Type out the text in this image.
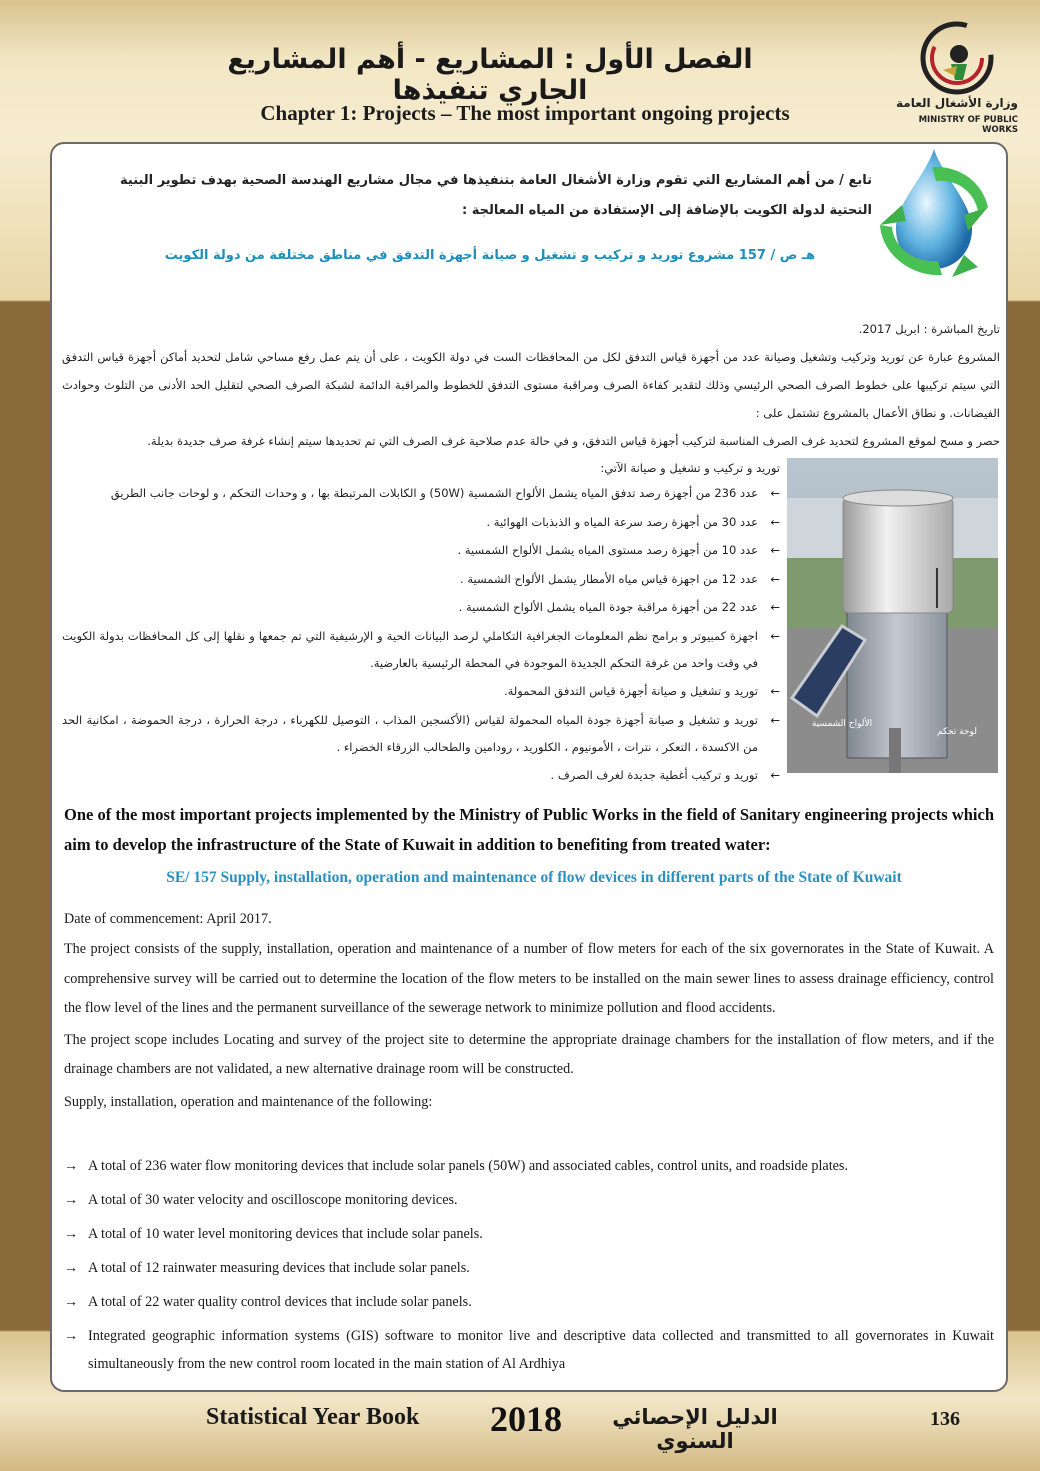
الفصل الأول : المشاريع - أهم المشاريع الجاري تنفيذها
Chapter 1: Projects – The most important ongoing projects	وزارة الأشغال العامة
MINISTRY OF PUBLIC WORKS
تابع / من أهم المشاريع التي تقوم وزارة الأشغال العامة بتنفيذها في مجال مشاريع الهندسة الصحية بهدف تطوير البنية التحتية لدولة الكويت بالإضافة إلى الإستفادة من المياه المعالجة :
هـ ص / 157 مشروع توريد و تركيب و تشغيل و صيانة أجهزة التدفق في مناطق مختلفة من دولة الكويت

تاريخ المباشرة : ابريل 2017.

المشروع عبارة عن توريد وتركيب وتشغيل وصيانة عدد من أجهزة قياس التدفق لكل من المحافظات الست في دولة الكويت ، على أن يتم عمل رفع مساحي شامل لتحديد أماكن أجهزة قياس التدفق التي سيتم تركيبها على خطوط الصرف الصحي الرئيسي وذلك لتقدير كفاءة الصرف ومراقبة مستوى التدفق للخطوط والمراقبة الدائمة لشبكة الصرف الصحي لتقليل الحد الأدنى من التلوث وحوادث الفيضانات. و نطاق الأعمال بالمشروع تشتمل على :

حصر و مسح لموقع المشروع لتحديد غرف الصرف المناسبة لتركيب أجهزة قياس التدفق، و في حالة عدم صلاحية غرف الصرف التي تم تحديدها سيتم إنشاء غرفة صرف جديدة بديلة.

توريد و تركيب و تشغيل و صيانة الآتي:

←
عدد 236 من أجهزة رصد تدفق المياه يشمل الألواح الشمسية (50W) و الكابلات المرتبطة بها ، و وحدات التحكم ، و لوحات جانب الطريق
←
عدد 30 من أجهزة رصد سرعة المياه و الذبذبات الهوائية .
←
عدد 10 من أجهزة رصد مستوى المياه يشمل الألواح الشمسية .
←
عدد 12 من اجهزة قياس مياه الأمطار يشمل الألواح الشمسية .
←
عدد 22 من أجهزة مراقبة جودة المياه يشمل الألواح الشمسية .
←
اجهزة كمبيوتر و برامج نظم المعلومات الجغرافية التكاملي لرصد البيانات الحية و الإرشيفية التي تم جمعها و نقلها إلى كل المحافظات بدولة الكويت في وقت واحد من غرفة التحكم الجديدة الموجودة في المحطة الرئيسية بالعارضية.
←
توريد و تشغيل و صيانة أجهزة قياس التدفق المحمولة.
←
توريد و تشغيل و صيانة أجهزة جودة المياه المحمولة لقياس (الأكسجين المذاب ، التوصيل للكهرباء ، درجة الحرارة ، درجة الحموضة ، امكانية الحد من الاكسدة ، التعكر ، نترات ، الأمونيوم ، الكلوريد ، رودامين والطحالب الزرقاء الخضراء .
←
توريد و تركيب أغطية جديدة لغرف الصرف .
الألواح الشمسية
لوحة تحكم
One of the most important projects implemented by the Ministry of Public Works in the field of Sanitary engineering projects which aim to develop the infrastructure of the State of Kuwait in addition to benefiting from treated water:
SE/ 157 Supply, installation, operation and maintenance of flow devices in different parts of the State of Kuwait

Date of commencement: April 2017.

The project consists of the supply, installation, operation and maintenance of a number of flow meters for each of the six governorates in the State of Kuwait. A comprehensive survey will be carried out to determine the location of the flow meters to be installed on the main sewer lines to assess drainage efficiency, control the flow level of the lines and the permanent surveillance of the sewerage network to minimize pollution and flood accidents.

The project scope includes Locating and survey of the project site to determine the appropriate drainage chambers for the installation of flow meters, and if the drainage chambers are not validated, a new alternative drainage room will be constructed.

Supply, installation, operation and maintenance of the following:

→ A total of 236 water flow monitoring devices that include solar panels (50W) and associated cables, control units, and roadside plates.
→ A total of 30 water velocity and oscilloscope monitoring devices.
→ A total of 10 water level monitoring devices that include solar panels.
→ A total of 12 rainwater measuring devices that include solar panels.
→ A total of 22 water quality control devices that include solar panels.
→ Integrated geographic information systems (GIS) software to monitor live and descriptive data collected and transmitted to all governorates in Kuwait simultaneously from the new control room located in the main station of Al Ardhiya
Statistical Year Book 2018	الدليل الإحصائي السنوي
136
